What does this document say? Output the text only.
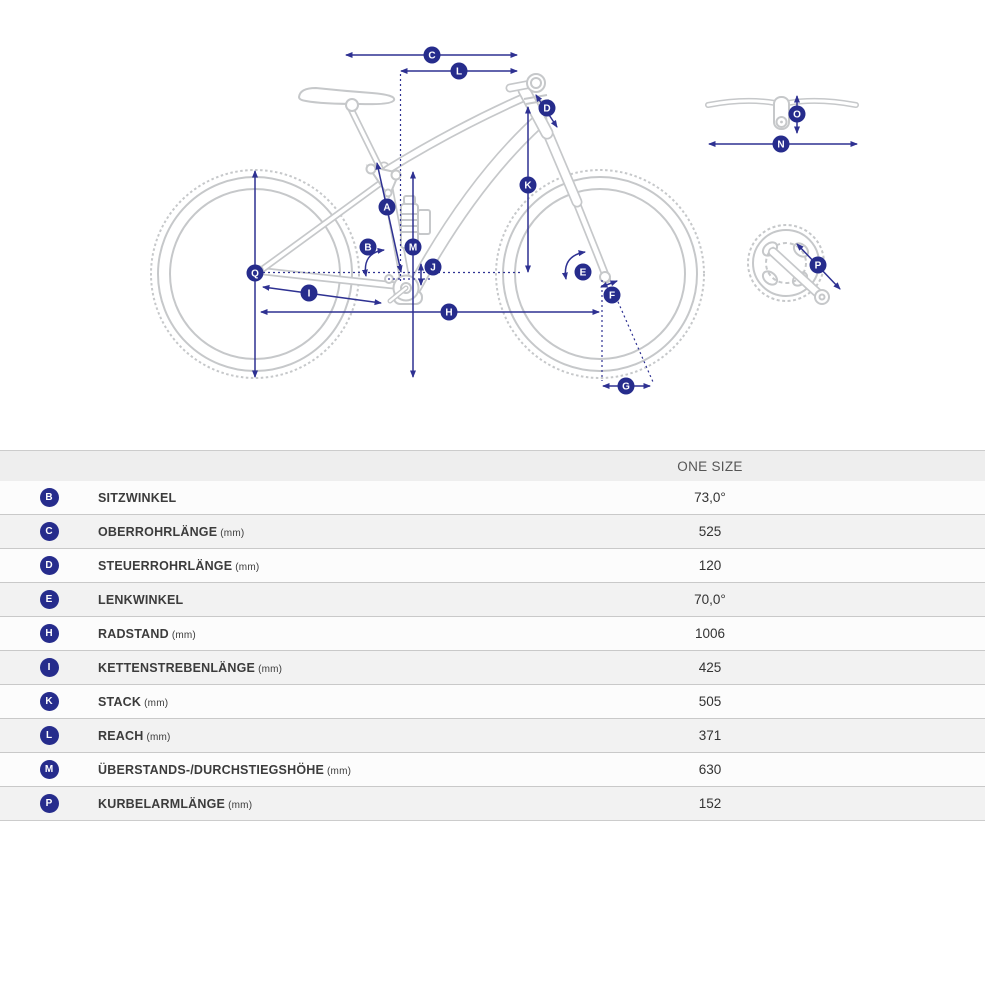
C
L
D
K
A
B	M
Q
J
I
H
E
F
G
O
N
P
ONE SIZE
B	SITZWINKEL	73,0°
C	OBERROHRLÄNGE (mm)	525
D	STEUERROHRLÄNGE (mm)	120
E	LENKWINKEL	70,0°
H	RADSTAND (mm)	1006
I	KETTENSTREBENLÄNGE (mm)	425
K	STACK (mm)	505
L	REACH (mm)	371
M	ÜBERSTANDS-/DURCHSTIEGSHÖHE (mm)	630
P	KURBELARMLÄNGE (mm)	152
